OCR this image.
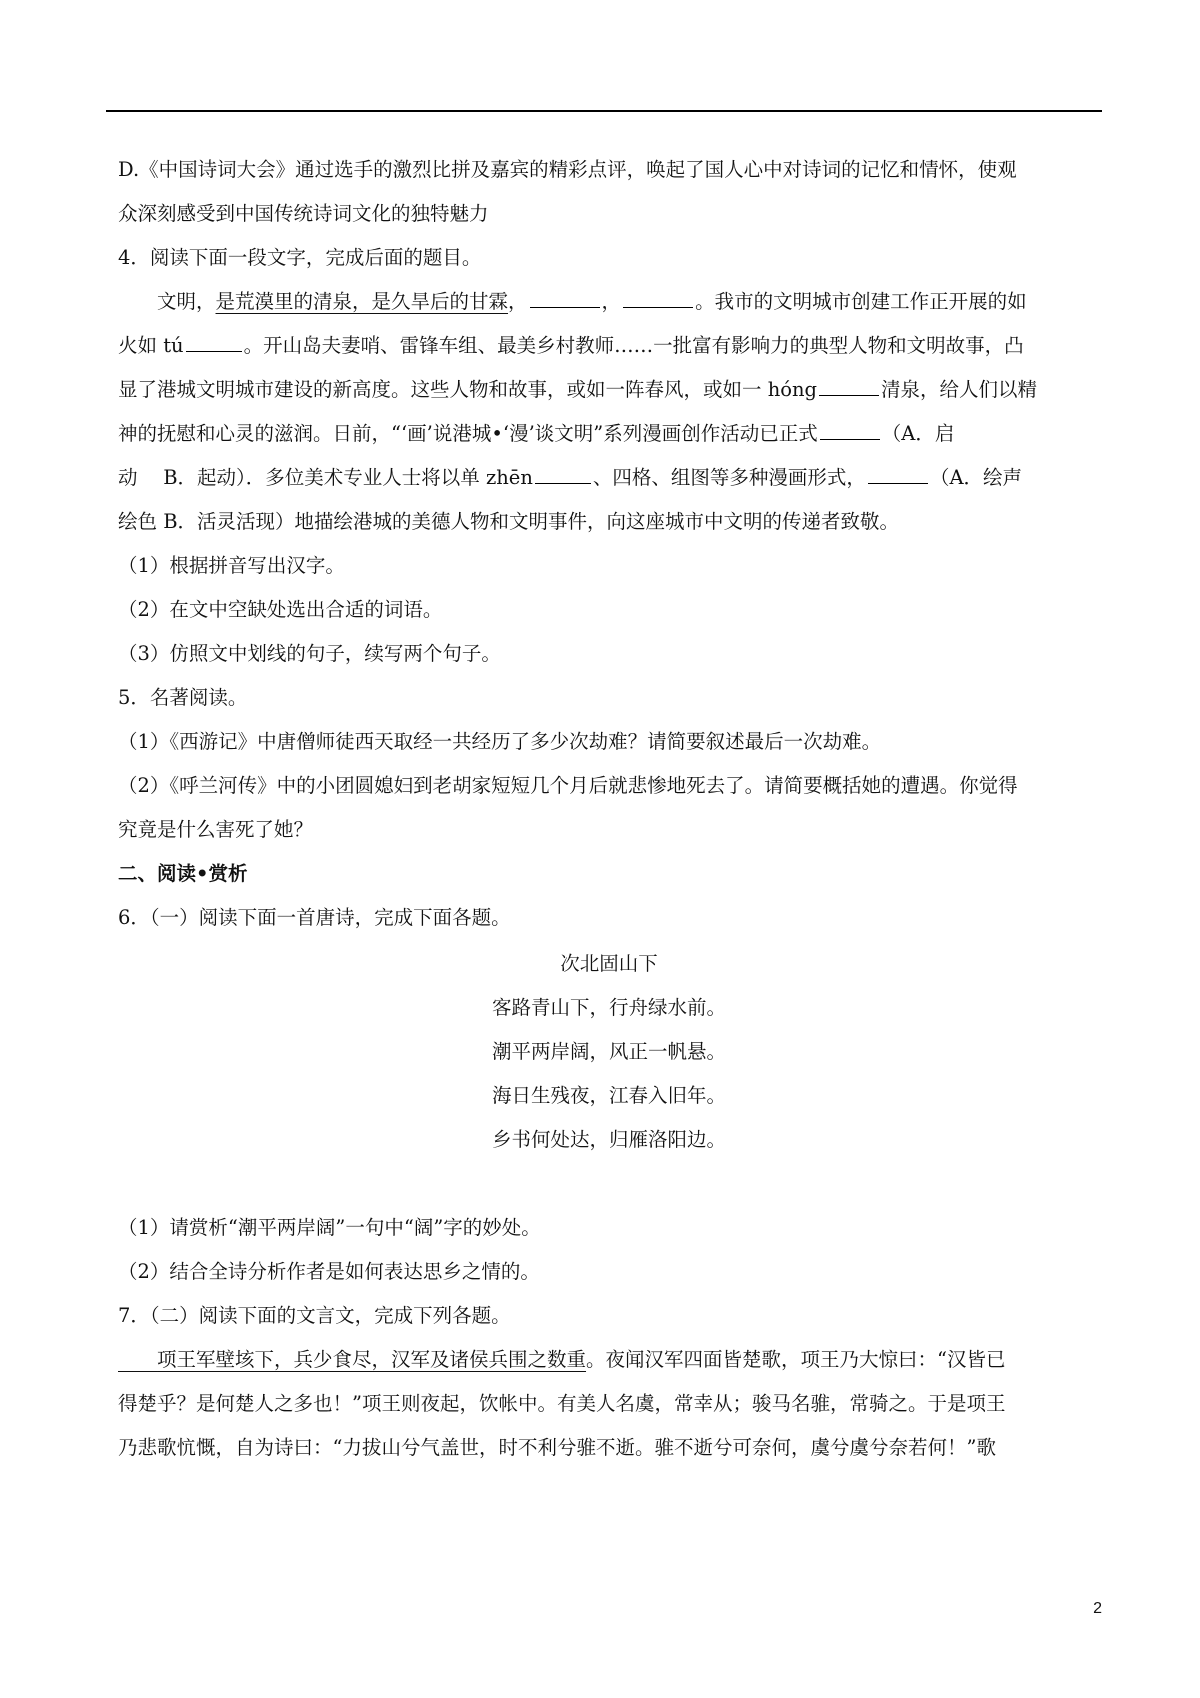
D.《中国诗词大会》通过选手的激烈比拼及嘉宾的精彩点评，唤起了国人心中对诗词的记忆和情怀，使观

众深刻感受到中国传统诗词文化的独特魅力

4．阅读下面一段文字，完成后面的题目。

文明，是荒漠里的清泉，是久旱后的甘霖，	，	。我市的文明城市创建工作正开展的如

火如 tú	。开山岛夫妻哨、雷锋车组、最美乡村教师……一批富有影响力的典型人物和文明故事，凸

显了港城文明城市建设的新高度。这些人物和故事，或如一阵春风，或如一 hóng	清泉，给人们以精

神的抚慰和心灵的滋润。日前，“‘画’说港城•‘漫’谈文明”系列漫画创作活动已正式	（A．启

动　 B．起动）．多位美术专业人士将以单 zhēn	、四格、组图等多种漫画形式，	（A．绘声

绘色 B．活灵活现）地描绘港城的美德人物和文明事件，向这座城市中文明的传递者致敬。

（1）根据拼音写出汉字。

（2）在文中空缺处选出合适的词语。

（3）仿照文中划线的句子，续写两个句子。

5．名著阅读。

（1）《西游记》中唐僧师徒西天取经一共经历了多少次劫难？请简要叙述最后一次劫难。

（2）《呼兰河传》中的小团圆媳妇到老胡家短短几个月后就悲惨地死去了。请简要概括她的遭遇。你觉得

究竟是什么害死了她？

二、阅读•赏析

6．（一）阅读下面一首唐诗，完成下面各题。

次北固山下

客路青山下，行舟绿水前。

潮平两岸阔，风正一帆悬。

海日生残夜，江春入旧年。

乡书何处达，归雁洛阳边。

（1）请赏析“潮平两岸阔”一句中“阔”字的妙处。

（2）结合全诗分析作者是如何表达思乡之情的。

7．（二）阅读下面的文言文，完成下列各题。

　　项王军壁垓下，兵少食尽，汉军及诸侯兵围之数重。夜闻汉军四面皆楚歌，项王乃大惊曰：“汉皆已

得楚乎？是何楚人之多也！”项王则夜起，饮帐中。有美人名虞，常幸从；骏马名骓，常骑之。于是项王

乃悲歌忼慨，自为诗曰：“力拔山兮气盖世，时不利兮骓不逝。骓不逝兮可奈何，虞兮虞兮奈若何！”歌

2
